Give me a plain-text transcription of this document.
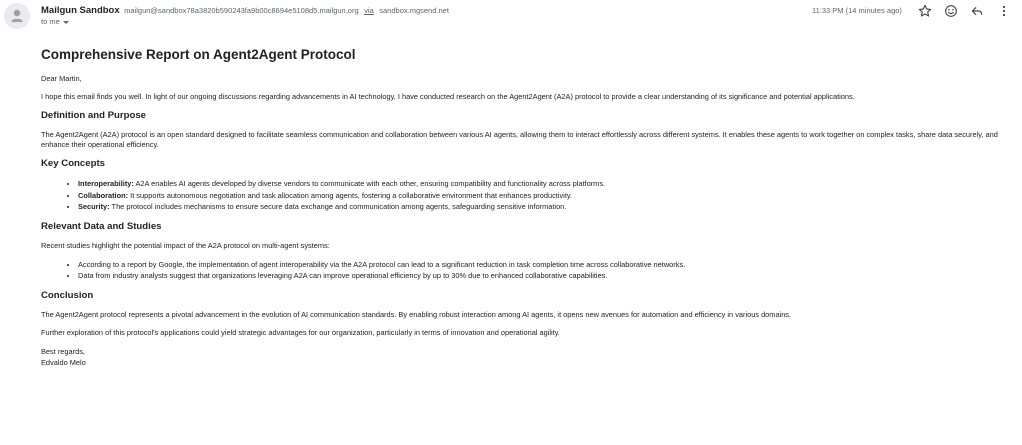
Mailgun Sandbox mailgun@sandbox78a3820b590243fa9b00c8694e5108d5.mailgun.org via sandbox.mgsend.net
to me
11:33 PM (14 minutes ago)
Comprehensive Report on Agent2Agent Protocol

Dear Martin,

I hope this email finds you well. In light of our ongoing discussions regarding advancements in AI technology, I have conducted research on the Agent2Agent (A2A) protocol to provide a clear understanding of its significance and potential applications.

Definition and Purpose

The Agent2Agent (A2A) protocol is an open standard designed to facilitate seamless communication and collaboration between various AI agents, allowing them to interact effortlessly across different systems. It enables these agents to work together on complex tasks, share data securely, and enhance their operational efficiency.

Key Concepts
• Interoperability: A2A enables AI agents developed by diverse vendors to communicate with each other, ensuring compatibility and functionality across platforms.
• Collaboration: It supports autonomous negotiation and task allocation among agents, fostering a collaborative environment that enhances productivity.
• Security: The protocol includes mechanisms to ensure secure data exchange and communication among agents, safeguarding sensitive information.
Relevant Data and Studies

Recent studies highlight the potential impact of the A2A protocol on multi-agent systems:

• According to a report by Google, the implementation of agent interoperability via the A2A protocol can lead to a significant reduction in task completion time across collaborative networks.
• Data from industry analysts suggest that organizations leveraging A2A can improve operational efficiency by up to 30% due to enhanced collaborative capabilities.
Conclusion

The Agent2Agent protocol represents a pivotal advancement in the evolution of AI communication standards. By enabling robust interaction among AI agents, it opens new avenues for automation and efficiency in various domains.

Further exploration of this protocol's applications could yield strategic advantages for our organization, particularly in terms of innovation and operational agility.

Best regards,

Edvaldo Melo
